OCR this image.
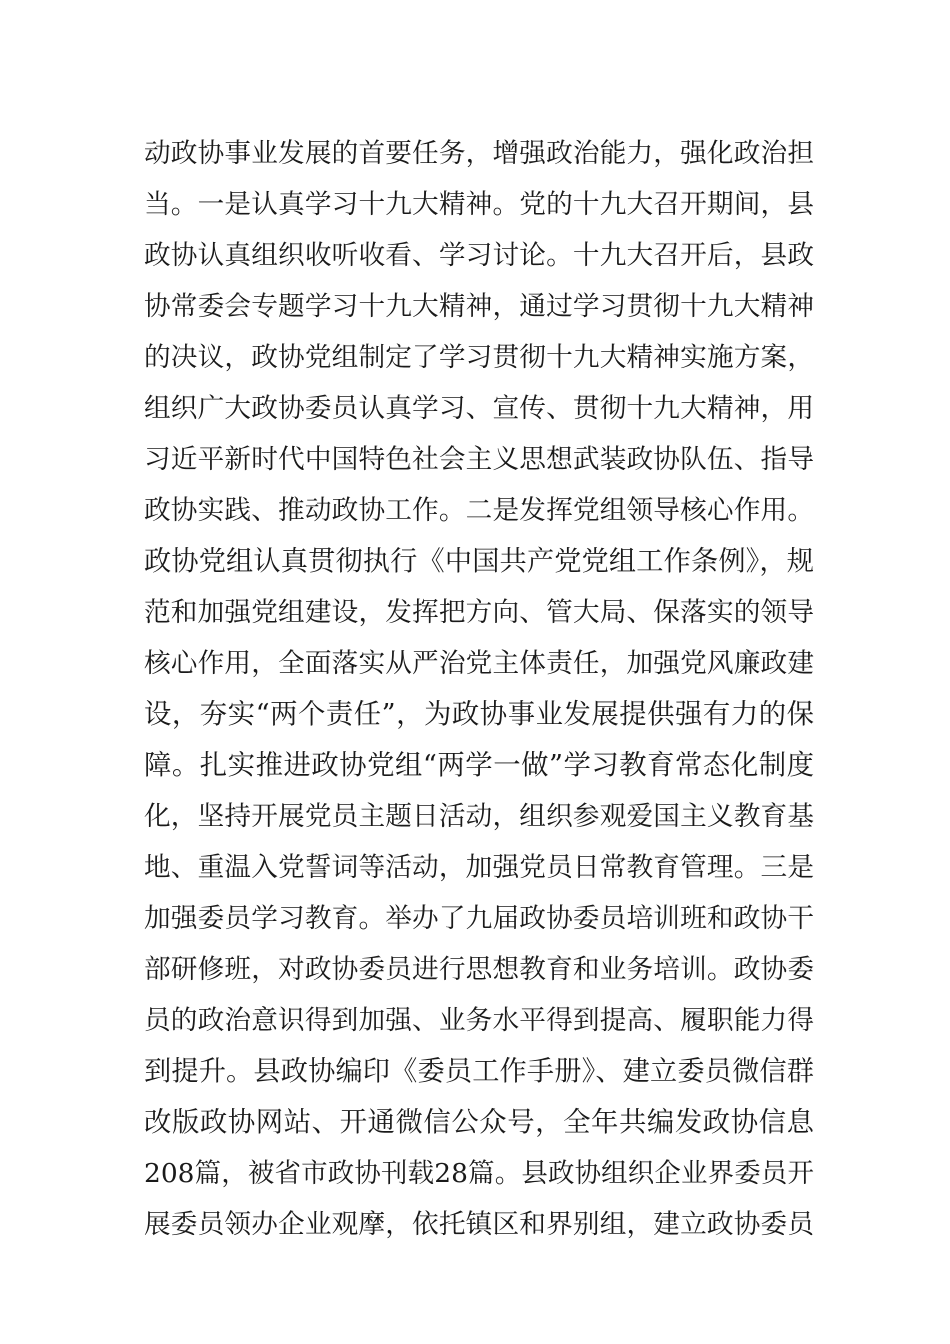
动政协事业发展的首要任务，增强政治能力，强化政治担
当。一是认真学习十九大精神。党的十九大召开期间，县
政协认真组织收听收看、学习讨论。十九大召开后，县政
协常委会专题学习十九大精神，通过学习贯彻十九大精神
的决议，政协党组制定了学习贯彻十九大精神实施方案，
组织广大政协委员认真学习、宣传、贯彻十九大精神，用
习近平新时代中国特色社会主义思想武装政协队伍、指导
政协实践、推动政协工作。二是发挥党组领导核心作用。
政协党组认真贯彻执行《中国共产党党组工作条例》，规
范和加强党组建设，发挥把方向、管大局、保落实的领导
核心作用，全面落实从严治党主体责任，加强党风廉政建
设，夯实“两个责任”，为政协事业发展提供强有力的保
障。扎实推进政协党组“两学一做”学习教育常态化制度
化，坚持开展党员主题日活动，组织参观爱国主义教育基
地、重温入党誓词等活动，加强党员日常教育管理。三是
加强委员学习教育。举办了九届政协委员培训班和政协干
部研修班，对政协委员进行思想教育和业务培训。政协委
员的政治意识得到加强、业务水平得到提高、履职能力得
到提升。县政协编印《委员工作手册》、建立委员微信群
改版政协网站、开通微信公众号，全年共编发政协信息
208篇，被省市政协刊载28篇。县政协组织企业界委员开
展委员领办企业观摩，依托镇区和界别组，建立政协委员
